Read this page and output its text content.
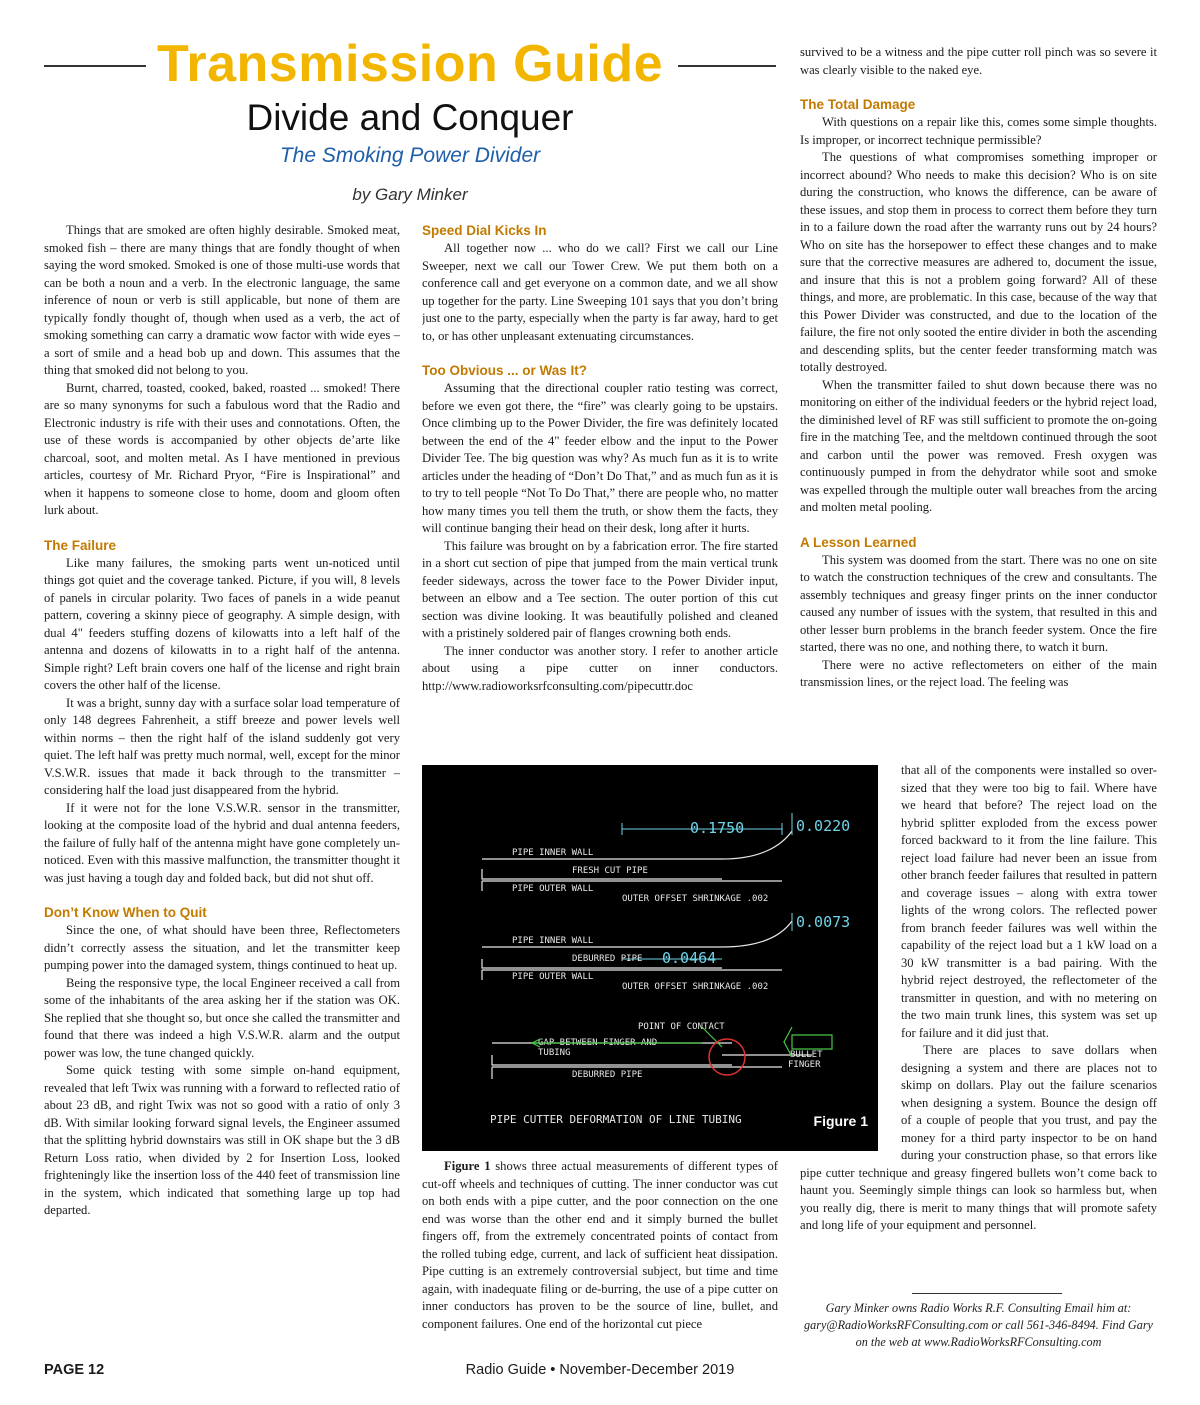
Transmission Guide
Divide and Conquer
The Smoking Power Divider
by Gary Minker

Things that are smoked are often highly desirable. Smoked meat, smoked fish – there are many things that are fondly thought of when saying the word smoked. Smoked is one of those multi-use words that can be both a noun and a verb. In the electronic language, the same inference of noun or verb is still applicable, but none of them are typically fondly thought of, though when used as a verb, the act of smoking something can carry a dramatic wow factor with wide eyes – a sort of smile and a head bob up and down. This assumes that the thing that smoked did not belong to you.

Burnt, charred, toasted, cooked, baked, roasted ... smoked! There are so many synonyms for such a fabulous word that the Radio and Electronic industry is rife with their uses and connotations. Often, the use of these words is accompanied by other objects de’arte like charcoal, soot, and molten metal. As I have mentioned in previous articles, courtesy of Mr. Richard Pryor, “Fire is Inspirational” and when it happens to someone close to home, doom and gloom often lurk about.

The Failure

Like many failures, the smoking parts went un-noticed until things got quiet and the coverage tanked. Picture, if you will, 8 levels of panels in circular polarity. Two faces of panels in a wide peanut pattern, covering a skinny piece of geography. A simple design, with dual 4" feeders stuffing dozens of kilowatts into a left half of the antenna and dozens of kilowatts in to a right half of the antenna. Simple right? Left brain covers one half of the license and right brain covers the other half of the license.

It was a bright, sunny day with a surface solar load temperature of only 148 degrees Fahrenheit, a stiff breeze and power levels well within norms – then the right half of the island suddenly got very quiet. The left half was pretty much normal, well, except for the minor V.S.W.R. issues that made it back through to the transmitter – considering half the load just disappeared from the hybrid.

If it were not for the lone V.S.W.R. sensor in the transmitter, looking at the composite load of the hybrid and dual antenna feeders, the failure of fully half of the antenna might have gone completely un-noticed. Even with this massive malfunction, the transmitter thought it was just having a tough day and folded back, but did not shut off.

Don’t Know When to Quit

Since the one, of what should have been three, Reflectometers didn’t correctly assess the situation, and let the transmitter keep pumping power into the damaged system, things continued to heat up.

Being the responsive type, the local Engineer received a call from some of the inhabitants of the area asking her if the station was OK. She replied that she thought so, but once she called the transmitter and found that there was indeed a high V.S.W.R. alarm and the output power was low, the tune changed quickly.

Some quick testing with some simple on-hand equipment, revealed that left Twix was running with a forward to reflected ratio of about 23 dB, and right Twix was not so good with a ratio of only 3 dB. With similar looking forward signal levels, the Engineer assumed that the splitting hybrid downstairs was still in OK shape but the 3 dB Return Loss ratio, when divided by 2 for Insertion Loss, looked frighteningly like the insertion loss of the 440 feet of transmission line in the system, which indicated that something large up top had departed.

Speed Dial Kicks In

All together now ... who do we call? First we call our Line Sweeper, next we call our Tower Crew. We put them both on a conference call and get everyone on a common date, and we all show up together for the party. Line Sweeping 101 says that you don’t bring just one to the party, especially when the party is far away, hard to get to, or has other unpleasant extenuating circumstances.

Too Obvious ... or Was It?

Assuming that the directional coupler ratio testing was correct, before we even got there, the “fire” was clearly going to be upstairs. Once climbing up to the Power Divider, the fire was definitely located between the end of the 4" feeder elbow and the input to the Power Divider Tee. The big question was why? As much fun as it is to write articles under the heading of “Don’t Do That,” and as much fun as it is to try to tell people “Not To Do That,” there are people who, no matter how many times you tell them the truth, or show them the facts, they will continue banging their head on their desk, long after it hurts.

This failure was brought on by a fabrication error. The fire started in a short cut section of pipe that jumped from the main vertical trunk feeder sideways, across the tower face to the Power Divider input, between an elbow and a Tee section. The outer portion of this cut section was divine looking. It was beautifully polished and cleaned with a pristinely soldered pair of flanges crowning both ends.

The inner conductor was another story. I refer to another article about using a pipe cutter on inner conductors. http://www.radioworksrfconsulting.com/pipecuttr.doc

0.1750	0.0220
0.0073
0.0464
PIPE INNER WALL
FRESH CUT PIPE
PIPE OUTER WALL
OUTER OFFSET SHRINKAGE .002
PIPE INNER WALL
DEBURRED PIPE
PIPE OUTER WALL
OUTER OFFSET SHRINKAGE .002
POINT OF CONTACT
GAP BETWEEN FINGER AND
TUBING
DEBURRED PIPE
BULLET
FINGER
PIPE CUTTER DEFORMATION OF LINE TUBING	Figure 1

Figure 1 shows three actual measurements of different types of cut-off wheels and techniques of cutting. The inner conductor was cut on both ends with a pipe cutter, and the poor connection on the one end was worse than the other end and it simply burned the bullet fingers off, from the extremely concentrated points of contact from the rolled tubing edge, current, and lack of sufficient heat dissipation. Pipe cutting is an extremely controversial subject, but time and time again, with inadequate filing or de-burring, the use of a pipe cutter on inner conductors has proven to be the source of line, bullet, and component failures. One end of the horizontal cut piece

survived to be a witness and the pipe cutter roll pinch was so severe it was clearly visible to the naked eye.

The Total Damage

With questions on a repair like this, comes some simple thoughts. Is improper, or incorrect technique permissible?

The questions of what compromises something improper or incorrect abound? Who needs to make this decision? Who is on site during the construction, who knows the difference, can be aware of these issues, and stop them in process to correct them before they turn in to a failure down the road after the warranty runs out by 24 hours? Who on site has the horsepower to effect these changes and to make sure that the corrective measures are adhered to, document the issue, and insure that this is not a problem going forward? All of these things, and more, are problematic. In this case, because of the way that this Power Divider was constructed, and due to the location of the failure, the fire not only sooted the entire divider in both the ascending and descending splits, but the center feeder transforming match was totally destroyed.

When the transmitter failed to shut down because there was no monitoring on either of the individual feeders or the hybrid reject load, the diminished level of RF was still sufficient to promote the on-going fire in the matching Tee, and the meltdown continued through the soot and carbon until the power was removed. Fresh oxygen was continuously pumped in from the dehydrator while soot and smoke was expelled through the multiple outer wall breaches from the arcing and molten metal pooling.

A Lesson Learned

This system was doomed from the start. There was no one on site to watch the construction techniques of the crew and consultants. The assembly techniques and greasy finger prints on the inner conductor caused any number of issues with the system, that resulted in this and other lesser burn problems in the branch feeder system. Once the fire started, there was no one, and nothing there, to watch it burn.

There were no active reflectometers on either of the main transmission lines, or the reject load. The feeling was

that all of the components were installed so over-sized that they were too big to fail. Where have we heard that before? The reject load on the hybrid splitter exploded from the excess power forced backward to it from the line failure. This reject load failure had never been an issue from other branch feeder failures that resulted in pattern and coverage issues – along with extra tower lights of the wrong colors. The reflected power from branch feeder failures was well within the capability of the reject load but a 1 kW load on a 30 kW transmitter is a bad pairing. With the hybrid reject destroyed, the reflectometer of the transmitter in question, and with no metering on the two main trunk lines, this system was set up for failure and it did just that.

There are places to save dollars when designing a system and there are places not to skimp on dollars. Play out the failure scenarios when designing a system. Bounce the design off of a couple of people that you trust, and pay the money for a third party inspector to be on hand during your construction phase, so that errors like pipe cutter technique and greasy fingered bullets won’t come back to haunt you. Seemingly simple things can look so harmless but, when you really dig, there is merit to many things that will promote safety and long life of your equipment and personnel.

Gary Minker owns Radio Works R.F. Consulting Email him at: gary@RadioWorksRFConsulting.com or call 561-346-8494. Find Gary on the web at www.RadioWorksRFConsulting.com
PAGE 12	Radio Guide • November-December 2019
